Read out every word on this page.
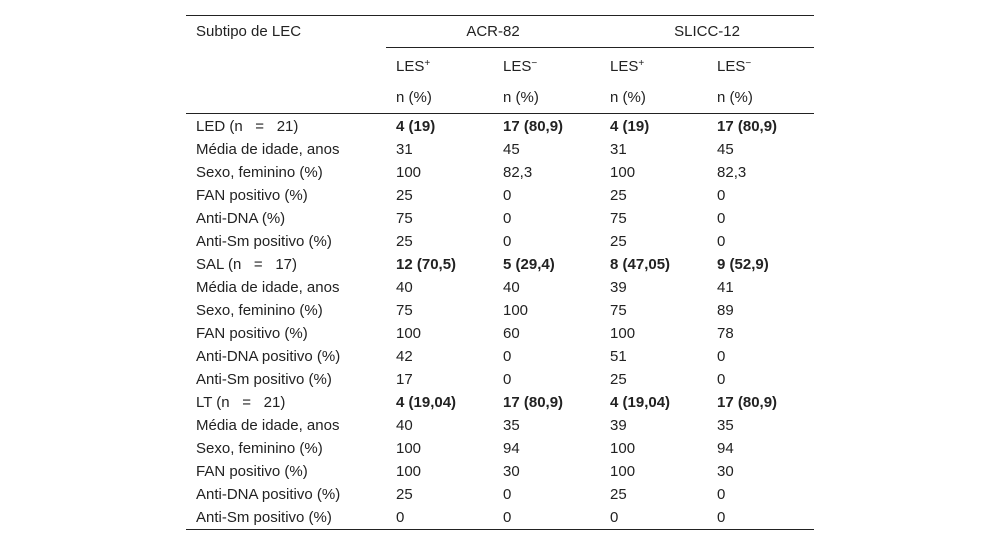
Subtipo de LEC	ACR-82		SLICC-12	
	LES+	LES−	LES+	LES−
	n (%)	n (%)	n (%)	n (%)
LED (n = 21)	4 (19)	17 (80,9)	4 (19)	17 (80,9)
Média de idade, anos	31	45	31	45
Sexo, feminino (%)	100	82,3	100	82,3
FAN positivo (%)	25	0	25	0
Anti-DNA (%)	75	0	75	0
Anti-Sm positivo (%)	25	0	25	0
SAL (n = 17)	12 (70,5)	5 (29,4)	8 (47,05)	9 (52,9)
Média de idade, anos	40	40	39	41
Sexo, feminino (%)	75	100	75	89
FAN positivo (%)	100	60	100	78
Anti-DNA positivo (%)	42	0	51	0
Anti-Sm positivo (%)	17	0	25	0
LT (n = 21)	4 (19,04)	17 (80,9)	4 (19,04)	17 (80,9)
Média de idade, anos	40	35	39	35
Sexo, feminino (%)	100	94	100	94
FAN positivo (%)	100	30	100	30
Anti-DNA positivo (%)	25	0	25	0
Anti-Sm positivo (%)	0	0	0	0
